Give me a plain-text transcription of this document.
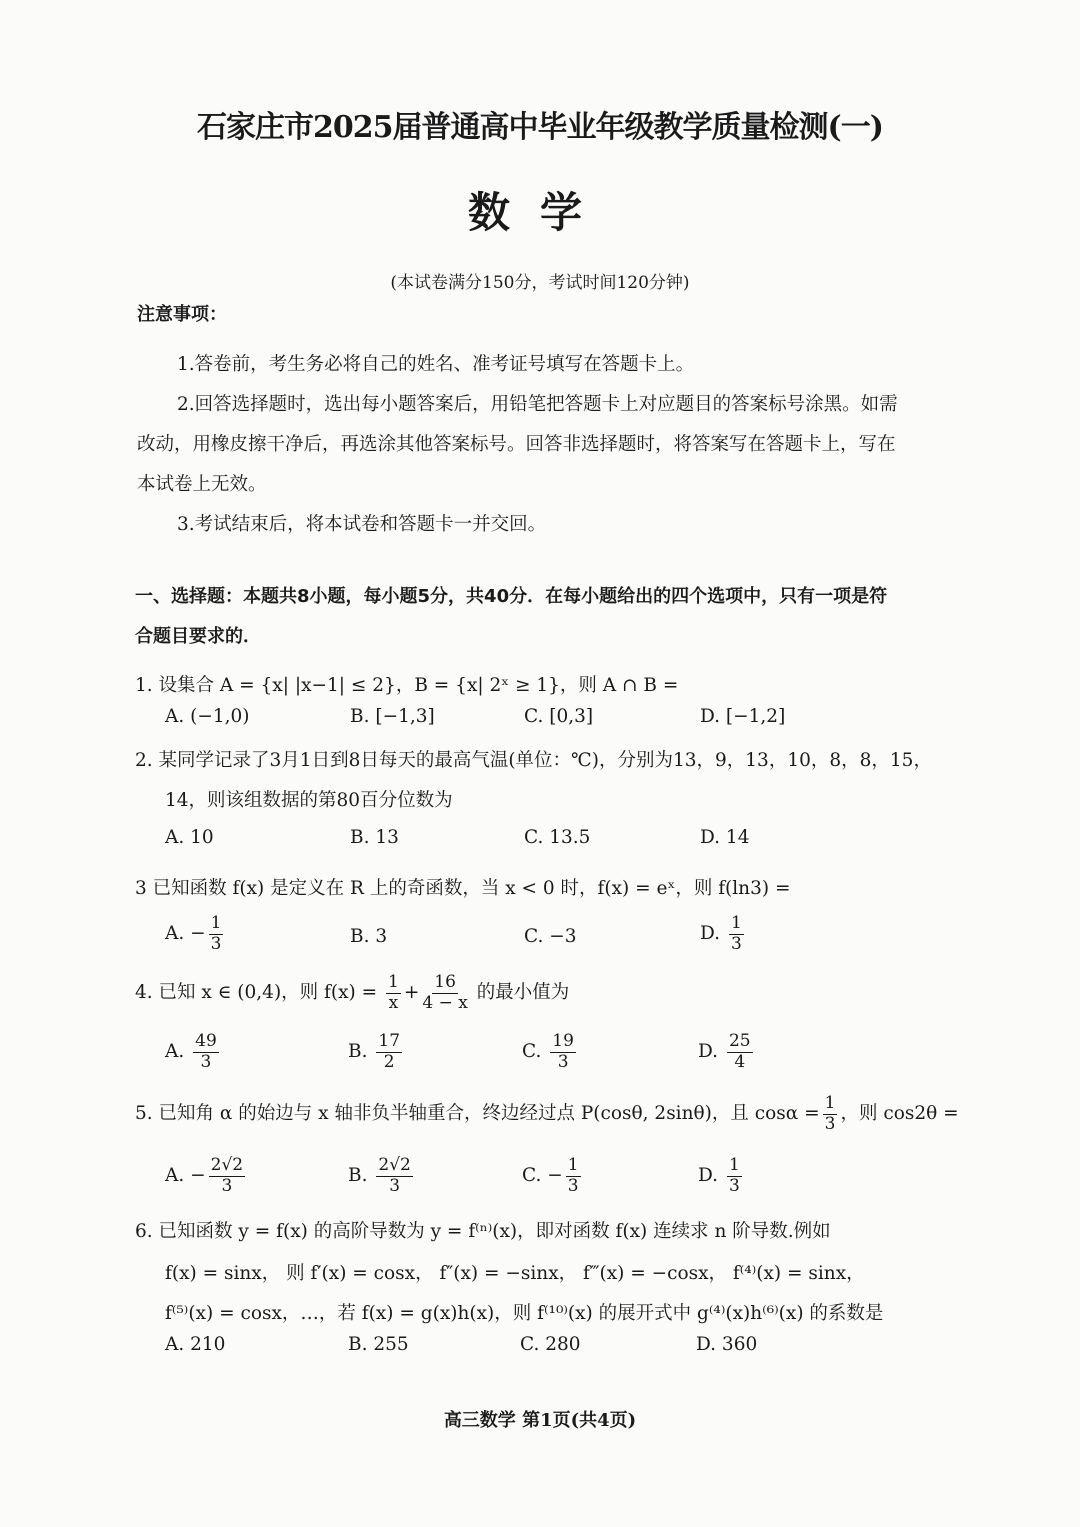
石家庄市2025届普通高中毕业年级教学质量检测(一)
数学
(本试卷满分150分，考试时间120分钟)
注意事项：
1.答卷前，考生务必将自己的姓名、准考证号填写在答题卡上。
2.回答选择题时，选出每小题答案后，用铅笔把答题卡上对应题目的答案标号涂黑。如需
改动，用橡皮擦干净后，再选涂其他答案标号。回答非选择题时，将答案写在答题卡上，写在
本试卷上无效。
3.考试结束后，将本试卷和答题卡一并交回。
一、选择题：本题共8小题，每小题5分，共40分．在每小题给出的四个选项中，只有一项是符
合题目要求的．
1. 设集合 A = {x| |x−1| ≤ 2}，B = {x| 2ˣ ≥ 1}，则 A ∩ B =
A. (−1,0)	B. [−1,3]	C. [0,3]	D. [−1,2]
2. 某同学记录了3月1日到8日每天的最高气温(单位：℃)，分别为13，9，13，10，8，8，15，
14，则该组数据的第80百分位数为
A. 10	B. 13	C. 13.5	D. 14
3 已知函数 f(x) 是定义在 R 上的奇函数，当 x < 0 时，f(x) = eˣ，则 f(ln3) =
A. − $\frac{1}{3}$	B. 3	C. −3	D. $\frac{1}{3}$
4. 已知 x ∈ (0,4)，则 $f(x) = \frac{1}{x} + \frac{16}{4 - x}$ 的最小值为
A. $\frac{49}{3}$	B. $\frac{17}{2}$	C. $\frac{19}{3}$	D. $\frac{25}{4}$
5. 已知角 α 的始边与 x 轴非负半轴重合，终边经过点 P(cosθ, 2sinθ)，且 $\cos\alpha = \frac{1}{3}$ ，则 cos2θ =
A. − $\frac{2√2}{3}$	B. $\frac{2√2}{3}$	C. − $\frac{1}{3}$	D. $\frac{1}{3}$
6. 已知函数 y = f(x) 的高阶导数为 y = f⁽ⁿ⁾(x)，即对函数 f(x) 连续求 n 阶导数.例如
f(x) = sinx， 则 f′(x) = cosx， f″(x) = −sinx， f‴(x) = −cosx， f⁽⁴⁾(x) = sinx，
f⁽⁵⁾(x) = cosx，…，若 f(x) = g(x)h(x)，则 f⁽¹⁰⁾(x) 的展开式中 g⁽⁴⁾(x)h⁽⁶⁾(x) 的系数是
A. 210	B. 255	C. 280	D. 360
高三数学 第1页(共4页)
